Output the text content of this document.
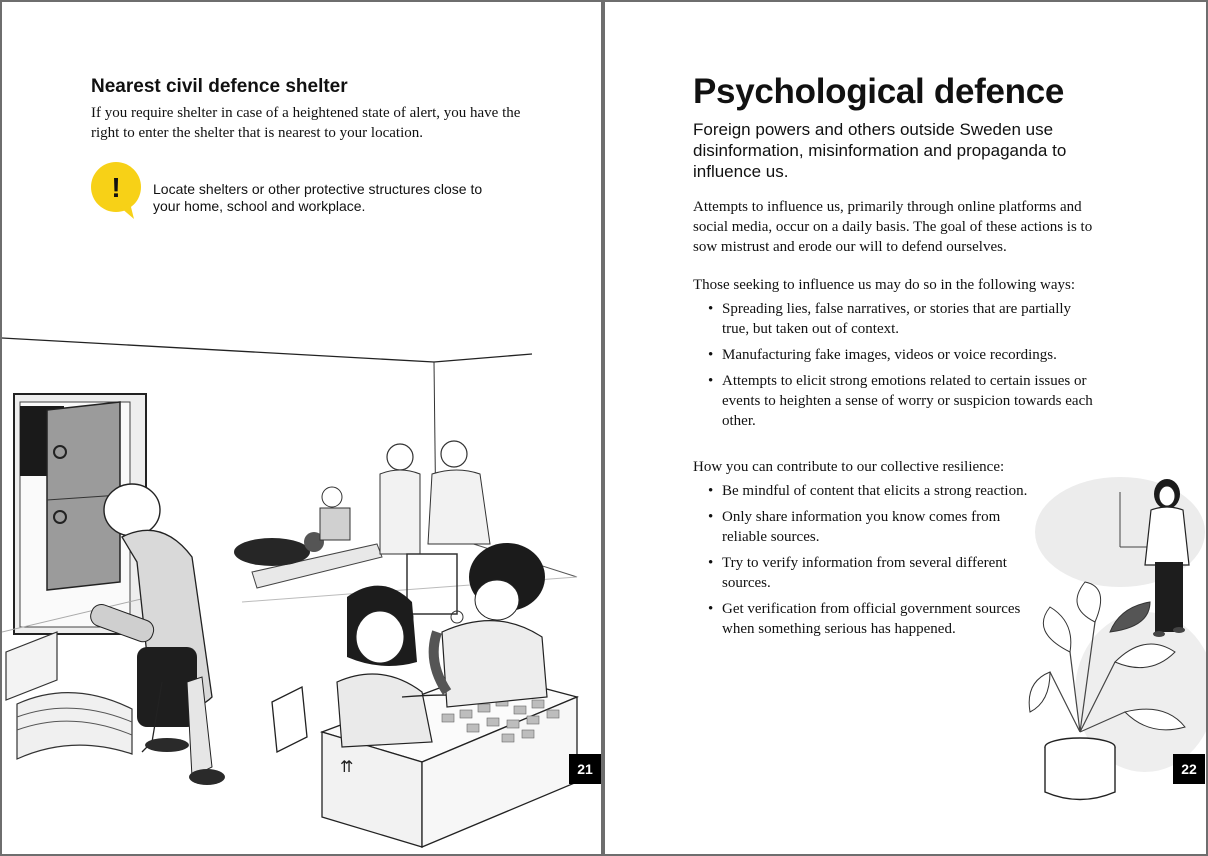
Nearest civil defence shelter

If you require shelter in case of a heightened state of alert, you have the right to enter the shelter that is nearest to your location.

! Locate shelters or other protective structures close to your home, school and workplace.

⇈	21
Psychological defence

Foreign powers and others outside Sweden use disinformation, misinformation and propaganda to influence us.

Attempts to influence us, primarily through online platforms and social media, occur on a daily basis. The goal of these actions is to sow mistrust and erode our will to defend ourselves.

Those seeking to influence us may do so in the following ways:

• Spreading lies, false narratives, or stories that are partially true, but taken out of context.
• Manufacturing fake images, videos or voice recordings.
• Attempts to elicit strong emotions related to certain issues or events to heighten a sense of worry or suspicion towards each other.

How you can contribute to our collective resilience:

• Be mindful of content that elicits a strong reaction.
• Only share information you know comes from reliable sources.
• Try to verify information from several different sources.
• Get verification from official government sources when something serious has happened.
22
